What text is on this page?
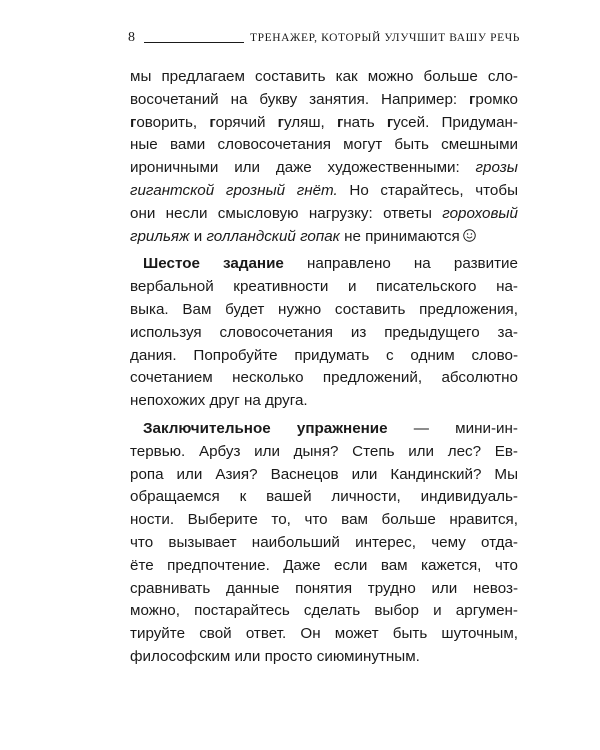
8	ТРЕНАЖЕР, КОТОРЫЙ УЛУЧШИТ ВАШУ РЕЧЬ
мы предлагаем составить как можно больше сло-
восочетаний на букву занятия. Например: громко
говорить, горячий гуляш, гнать гусей. Придуман-
ные вами словосочетания могут быть смешными
ироничными или даже художественными: грозы
гигантской грозный гнёт. Но старайтесь, чтобы
они несли смысловую нагрузку: ответы гороховый
грильяж и голландский гопак не принимаются
Шестое задание направлено на развитие
вербальной креативности и писательского на-
выка. Вам будет нужно составить предложения,
используя словосочетания из предыдущего за-
дания. Попробуйте придумать с одним слово-
сочетанием несколько предложений, абсолютно
непохожих друг на друга.
Заключительное упражнение — мини-ин-
тервью. Арбуз или дыня? Степь или лес? Ев-
ропа или Азия? Васнецов или Кандинский? Мы
обращаемся к вашей личности, индивидуаль-
ности. Выберите то, что вам больше нравится,
что вызывает наибольший интерес, чему отда-
ёте предпочтение. Даже если вам кажется, что
сравнивать данные понятия трудно или невоз-
можно, постарайтесь сделать выбор и аргумен-
тируйте свой ответ. Он может быть шуточным,
философским или просто сиюминутным.
